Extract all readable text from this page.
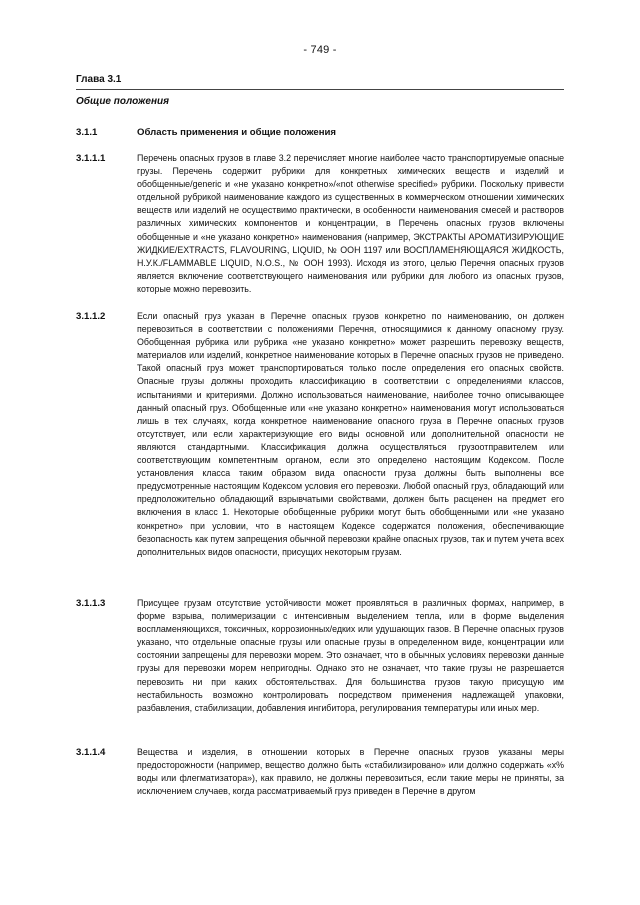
- 749 -
Глава 3.1
Общие положения
3.1.1	Область применения и общие положения
3.1.1.1	Перечень опасных грузов в главе 3.2 перечисляет многие наиболее часто транспортируемые опасные грузы. Перечень содержит рубрики для конкретных химических веществ и изделий и обобщенные/generic и «не указано конкретно»/«not otherwise specified» рубрики. Поскольку привести отдельной рубрикой наименование каждого из существенных в коммерческом отношении химических веществ или изделий не осуществимо практически, в особенности наименования смесей и растворов различных химических компонентов и концентрации, в Перечень опасных грузов включены обобщенные и «не указано конкретно» наименования (например, ЭКСТРАКТЫ АРОМАТИЗИРУЮЩИЕ ЖИДКИЕ/EXTRACTS, FLAVOURING, LIQUID, № ООН 1197 или ВОСПЛАМЕНЯЮЩАЯСЯ ЖИДКОСТЬ, Н.У.К./FLAMMABLE LIQUID, N.O.S., № ООН 1993). Исходя из этого, целью Перечня опасных грузов является включение соответствующего наименования или рубрики для любого из опасных грузов, которые можно перевозить.

3.1.1.2	Если опасный груз указан в Перечне опасных грузов конкретно по наименованию, он должен перевозиться в соответствии с положениями Перечня, относящимися к данному опасному грузу. Обобщенная рубрика или рубрика «не указано конкретно» может разрешить перевозку веществ, материалов или изделий, конкретное наименование которых в Перечне опасных грузов не приведено. Такой опасный груз может транспортироваться только после определения его опасных свойств. Опасные грузы должны проходить классификацию в соответствии с определениями классов, испытаниями и критериями. Должно использоваться наименование, наиболее точно описывающее данный опасный груз. Обобщенные или «не указано конкретно» наименования могут использоваться лишь в тех случаях, когда конкретное наименование опасного груза в Перечне опасных грузов отсутствует, или если характеризующие его виды основной или дополнительной опасности не являются стандартными. Классификация должна осуществляться грузоотправителем или соответствующим компетентным органом, если это определено настоящим Кодексом. После установления класса таким образом вида опасности груза должны быть выполнены все предусмотренные настоящим Кодексом условия его перевозки. Любой опасный груз, обладающий или предположительно обладающий взрывчатыми свойствами, должен быть расценен на предмет его включения в класс 1. Некоторые обобщенные рубрики могут быть обобщенными или «не указано конкретно» при условии, что в настоящем Кодексе содержатся положения, обеспечивающие безопасность как путем запрещения обычной перевозки крайне опасных грузов, так и путем учета всех дополнительных видов опасности, присущих некоторым грузам.

3.1.1.3	Присущее грузам отсутствие устойчивости может проявляться в различных формах, например, в форме взрыва, полимеризации с интенсивным выделением тепла, или в форме выделения воспламеняющихся, токсичных, коррозионных/едких или удушающих газов. В Перечне опасных грузов указано, что отдельные опасные грузы или опасные грузы в определенном виде, концентрации или состоянии запрещены для перевозки морем. Это означает, что в обычных условиях перевозки данные грузы для перевозки морем непригодны. Однако это не означает, что такие грузы не разрешается перевозить ни при каких обстоятельствах. Для большинства грузов такую присущую им нестабильность возможно контролировать посредством применения надлежащей упаковки, разбавления, стабилизации, добавления ингибитора, регулирования температуры или иных мер.

3.1.1.4	Вещества и изделия, в отношении которых в Перечне опасных грузов указаны меры предосторожности (например, вещество должно быть «стабилизировано» или должно содержать «х% воды или флегматизатора»), как правило, не должны перевозиться, если такие меры не приняты, за исключением случаев, когда рассматриваемый груз приведен в Перечне в другом
